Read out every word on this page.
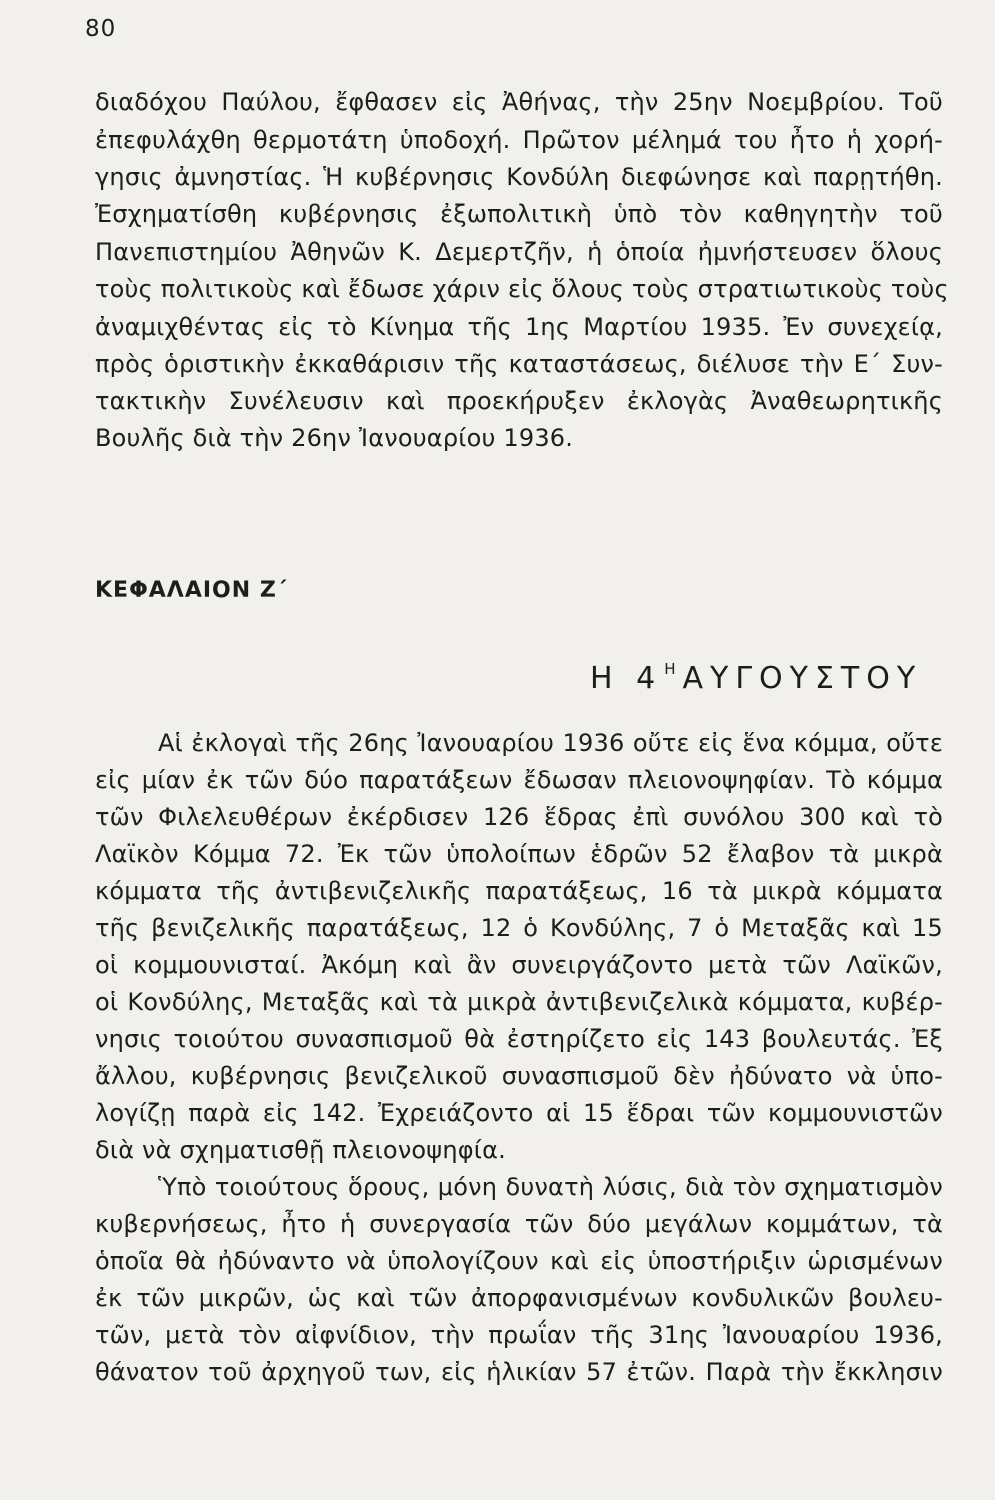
80
διαδόχου Παύλου, ἔφθασεν εἰς Ἀθήνας, τὴν 25ην Νοεμβρίου. Τοῦ
ἐπεφυλάχθη θερμοτάτη ὑποδοχή. Πρῶτον μέλημά του ἦτο ἡ χορή-
γησις ἀμνηστίας. Ἡ κυβέρνησις Κονδύλη διεφώνησε καὶ παρῃτήθη.
Ἐσχηματίσθη κυβέρνησις ἐξωπολιτικὴ ὑπὸ τὸν καθηγητὴν τοῦ
Πανεπιστημίου Ἀθηνῶν Κ. Δεμερτζῆν, ἡ ὁποία ἠμνήστευσεν ὅλους
τοὺς πολιτικοὺς καὶ ἔδωσε χάριν εἰς ὅλους τοὺς στρατιωτικοὺς τοὺς
ἀναμιχθέντας εἰς τὸ Κίνημα τῆς 1ης Μαρτίου 1935. Ἐν συνεχείᾳ,
πρὸς ὁριστικὴν ἐκκαθάρισιν τῆς καταστάσεως, διέλυσε τὴν Ε΄ Συν-
τακτικὴν Συνέλευσιν καὶ προεκήρυξεν ἐκλογὰς Ἀναθεωρητικῆς
Βουλῆς διὰ τὴν 26ην Ἰανουαρίου 1936.
ΚΕΦΑΛΑΙΟΝ Ζ΄
Η 4 $^H$ ΑΥΓΟΥΣΤΟΥ
Αἱ ἐκλογαὶ τῆς 26ης Ἰανουαρίου 1936 οὔτε εἰς ἕνα κόμμα, οὔτε
εἰς μίαν ἐκ τῶν δύο παρατάξεων ἔδωσαν πλειονοψηφίαν. Τὸ κόμμα
τῶν Φιλελευθέρων ἐκέρδισεν 126 ἕδρας ἐπὶ συνόλου 300 καὶ τὸ
Λαϊκὸν Κόμμα 72. Ἐκ τῶν ὑπολοίπων ἑδρῶν 52 ἔλαβον τὰ μικρὰ
κόμματα τῆς ἀντιβενιζελικῆς παρατάξεως, 16 τὰ μικρὰ κόμματα
τῆς βενιζελικῆς παρατάξεως, 12 ὁ Κονδύλης, 7 ὁ Μεταξᾶς καὶ 15
οἱ κομμουνισταί. Ἀκόμη καὶ ἂν συνειργάζοντο μετὰ τῶν Λαϊκῶν,
οἱ Κονδύλης, Μεταξᾶς καὶ τὰ μικρὰ ἀντιβενιζελικὰ κόμματα, κυβέρ-
νησις τοιούτου συνασπισμοῦ θὰ ἐστηρίζετο εἰς 143 βουλευτάς. Ἐξ
ἄλλου, κυβέρνησις βενιζελικοῦ συνασπισμοῦ δὲν ἠδύνατο νὰ ὑπο-
λογίζῃ παρὰ εἰς 142. Ἐχρειάζοντο αἱ 15 ἕδραι τῶν κομμουνιστῶν
διὰ νὰ σχηματισθῇ πλειονοψηφία.
Ὑπὸ τοιούτους ὅρους, μόνη δυνατὴ λύσις, διὰ τὸν σχηματισμὸν
κυβερνήσεως, ἦτο ἡ συνεργασία τῶν δύο μεγάλων κομμάτων, τὰ
ὁποῖα θὰ ἠδύναντο νὰ ὑπολογίζουν καὶ εἰς ὑποστήριξιν ὡρισμένων
ἐκ τῶν μικρῶν, ὡς καὶ τῶν ἀπορφανισμένων κονδυλικῶν βουλευ-
τῶν, μετὰ τὸν αἰφνίδιον, τὴν πρωΐαν τῆς 31ης Ἰανουαρίου 1936,
θάνατον τοῦ ἀρχηγοῦ των, εἰς ἡλικίαν 57 ἐτῶν. Παρὰ τὴν ἔκκλησιν
